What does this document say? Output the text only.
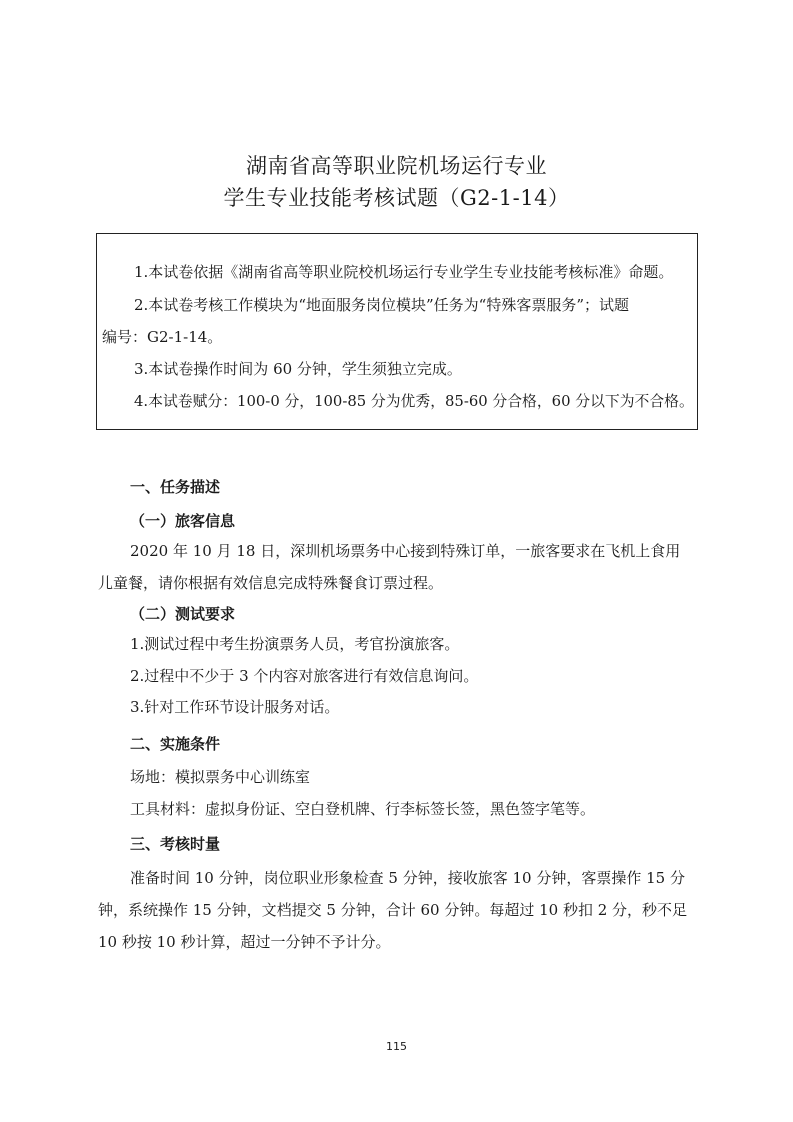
湖南省高等职业院机场运行专业
学生专业技能考核试题（G2-1-14）
1.本试卷依据《湖南省高等职业院校机场运行专业学生专业技能考核标准》命题。
2.本试卷考核工作模块为“地面服务岗位模块”任务为“特殊客票服务”；试题
编号：G2-1-14。
3.本试卷操作时间为 60 分钟，学生须独立完成。
4.本试卷赋分：100-0 分，100-85 分为优秀，85-60 分合格，60 分以下为不合格。
一、任务描述
（一）旅客信息
2020 年 10 月 18 日，深圳机场票务中心接到特殊订单，一旅客要求在飞机上食用
儿童餐，请你根据有效信息完成特殊餐食订票过程。
（二）测试要求
1.测试过程中考生扮演票务人员，考官扮演旅客。
2.过程中不少于 3 个内容对旅客进行有效信息询问。
3.针对工作环节设计服务对话。
二、实施条件
场地：模拟票务中心训练室
工具材料：虚拟身份证、空白登机牌、行李标签长签，黑色签字笔等。
三、考核时量
准备时间 10 分钟，岗位职业形象检查 5 分钟，接收旅客 10 分钟，客票操作 15 分
钟，系统操作 15 分钟，文档提交 5 分钟，合计 60 分钟。每超过 10 秒扣 2 分，秒不足
10 秒按 10 秒计算，超过一分钟不予计分。
115
